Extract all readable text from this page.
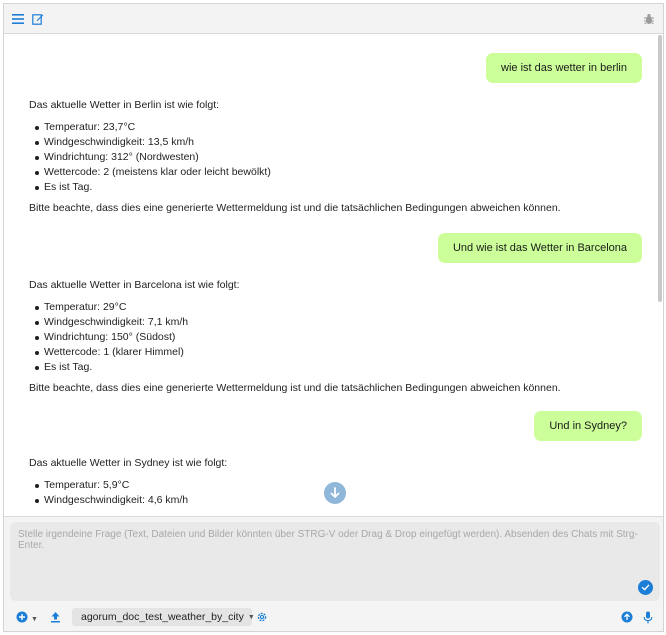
wie ist das wetter in berlin

Das aktuelle Wetter in Berlin ist wie folgt:

Temperatur: 23,7°C
Windgeschwindigkeit: 13,5 km/h
Windrichtung: 312° (Nordwesten)
Wettercode: 2 (meistens klar oder leicht bewölkt)
Es ist Tag.

Bitte beachte, dass dies eine generierte Wettermeldung ist und die tatsächlichen Bedingungen abweichen können.

Und wie ist das Wetter in Barcelona

Das aktuelle Wetter in Barcelona ist wie folgt:

Temperatur: 29°C
Windgeschwindigkeit: 7,1 km/h
Windrichtung: 150° (Südost)
Wettercode: 1 (klarer Himmel)
Es ist Tag.

Bitte beachte, dass dies eine generierte Wettermeldung ist und die tatsächlichen Bedingungen abweichen können.

Und in Sydney?

Das aktuelle Wetter in Sydney ist wie folgt:

Temperatur: 5,9°C
Windgeschwindigkeit: 4,6 km/h
Stelle irgendeine Frage (Text, Dateien und Bilder könnten über STRG-V oder Drag & Drop eingefügt werden). Absenden des Chats mit Strg-Enter.
▼	agorum_doc_test_weather_by_city ▼
